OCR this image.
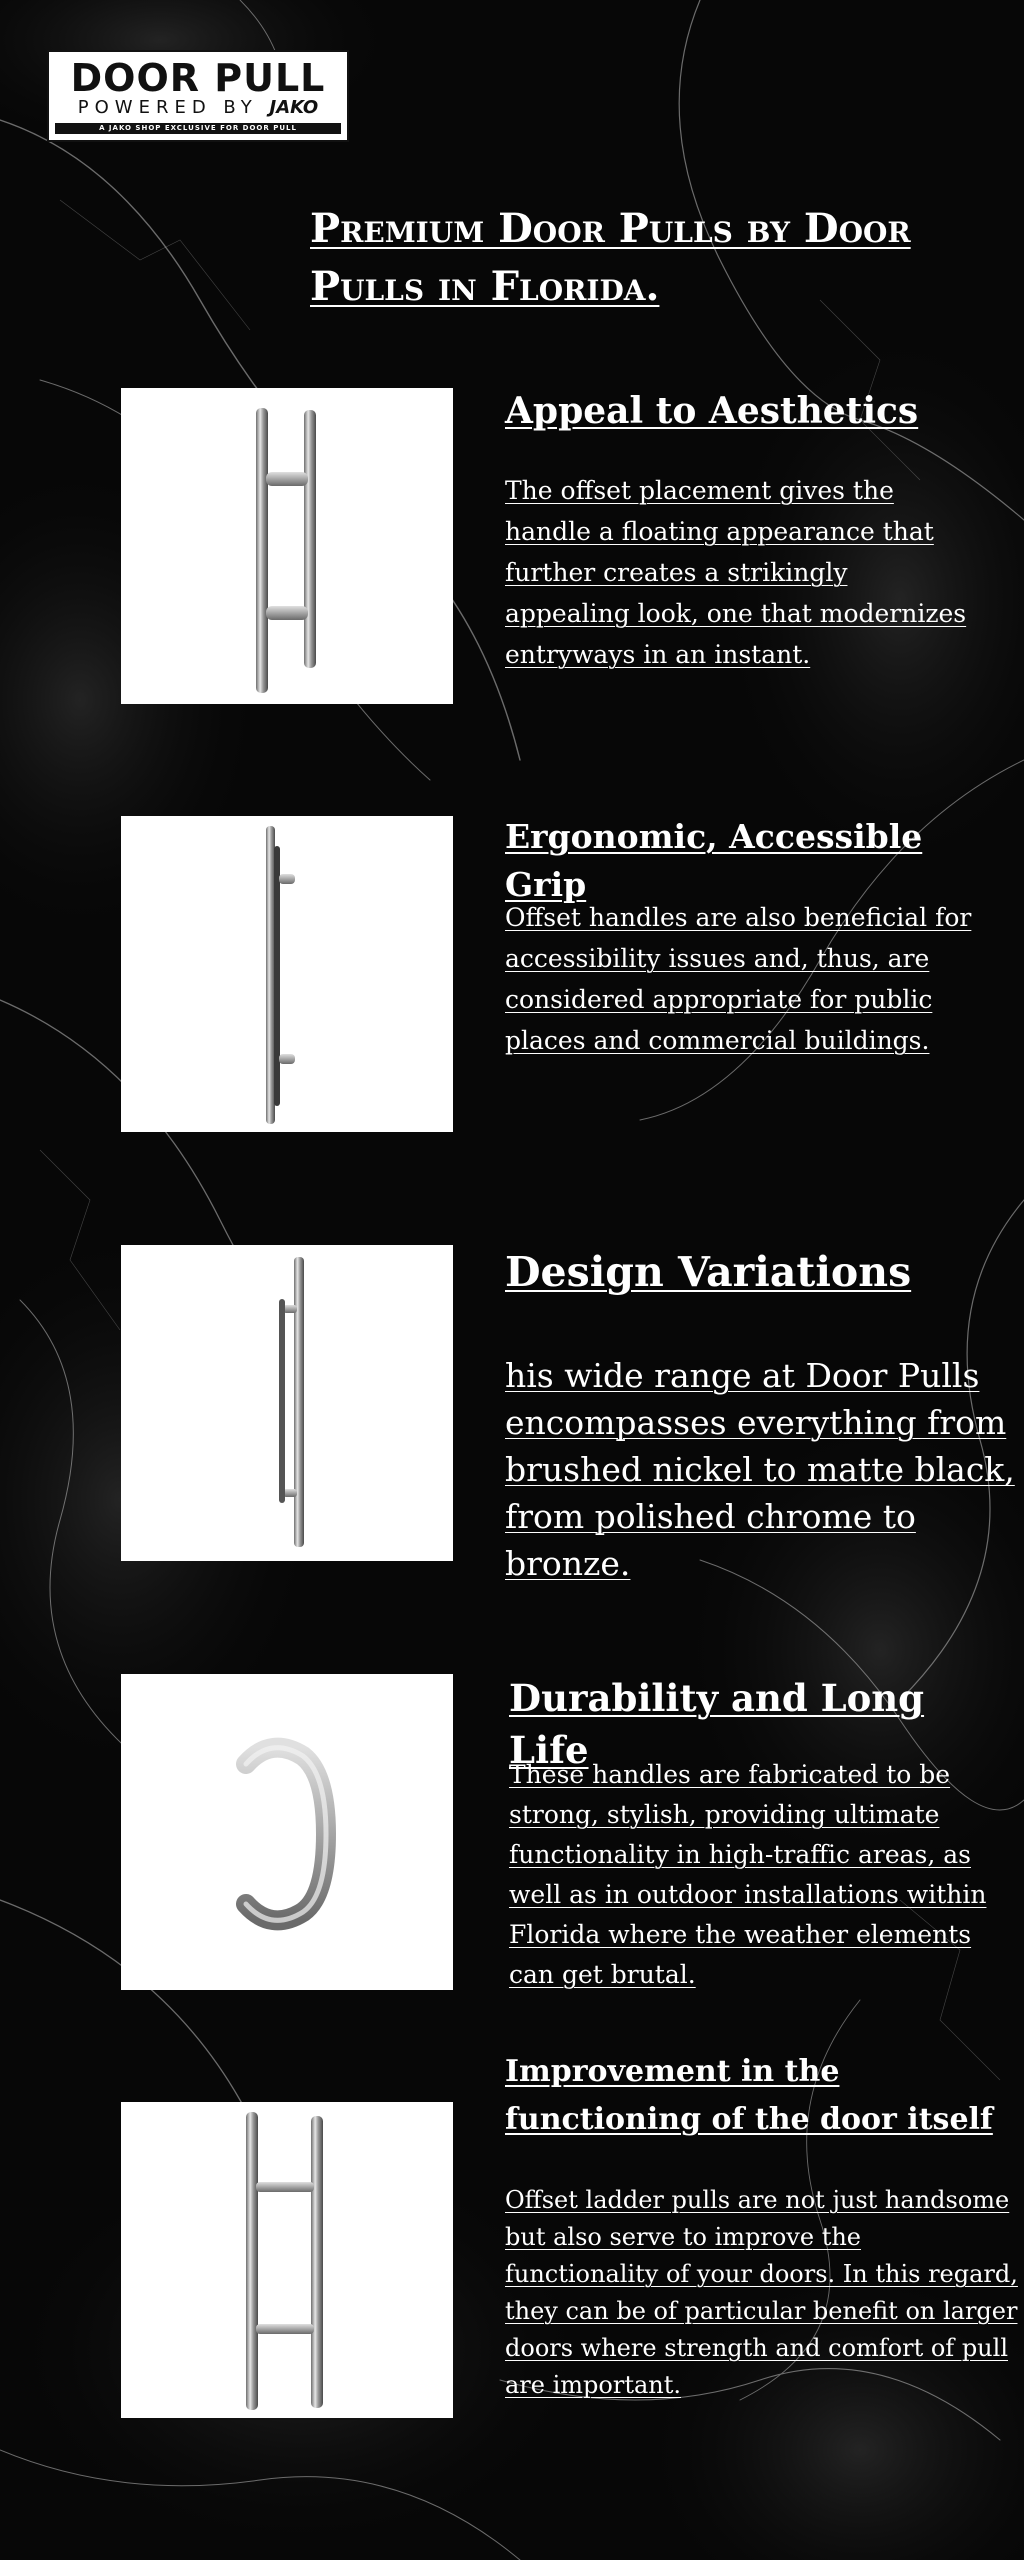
DOOR PULL
POWERED BY JAKO
A JAKO SHOP EXCLUSIVE FOR DOOR PULL
Premium Door Pulls by Door Pulls in Florida.
Appeal to Aesthetics

The offset placement gives the handle a floating appearance that further creates a strikingly appealing look, one that modernizes entryways in an instant.

Ergonomic, Accessible Grip

Offset handles are also beneficial for accessibility issues and, thus, are considered appropriate for public places and commercial buildings.

Design Variations

his wide range at Door Pulls encompasses everything from brushed nickel to matte black, from polished chrome to bronze.

Durability and Long Life

These handles are fabricated to be strong, stylish, providing ultimate functionality in high-traffic areas, as well as in outdoor installations within Florida where the weather elements can get brutal.

Improvement in the functioning of the door itself

Offset ladder pulls are not just handsome but also serve to improve the functionality of your doors. In this regard, they can be of particular benefit on larger doors where strength and comfort of pull are important.
